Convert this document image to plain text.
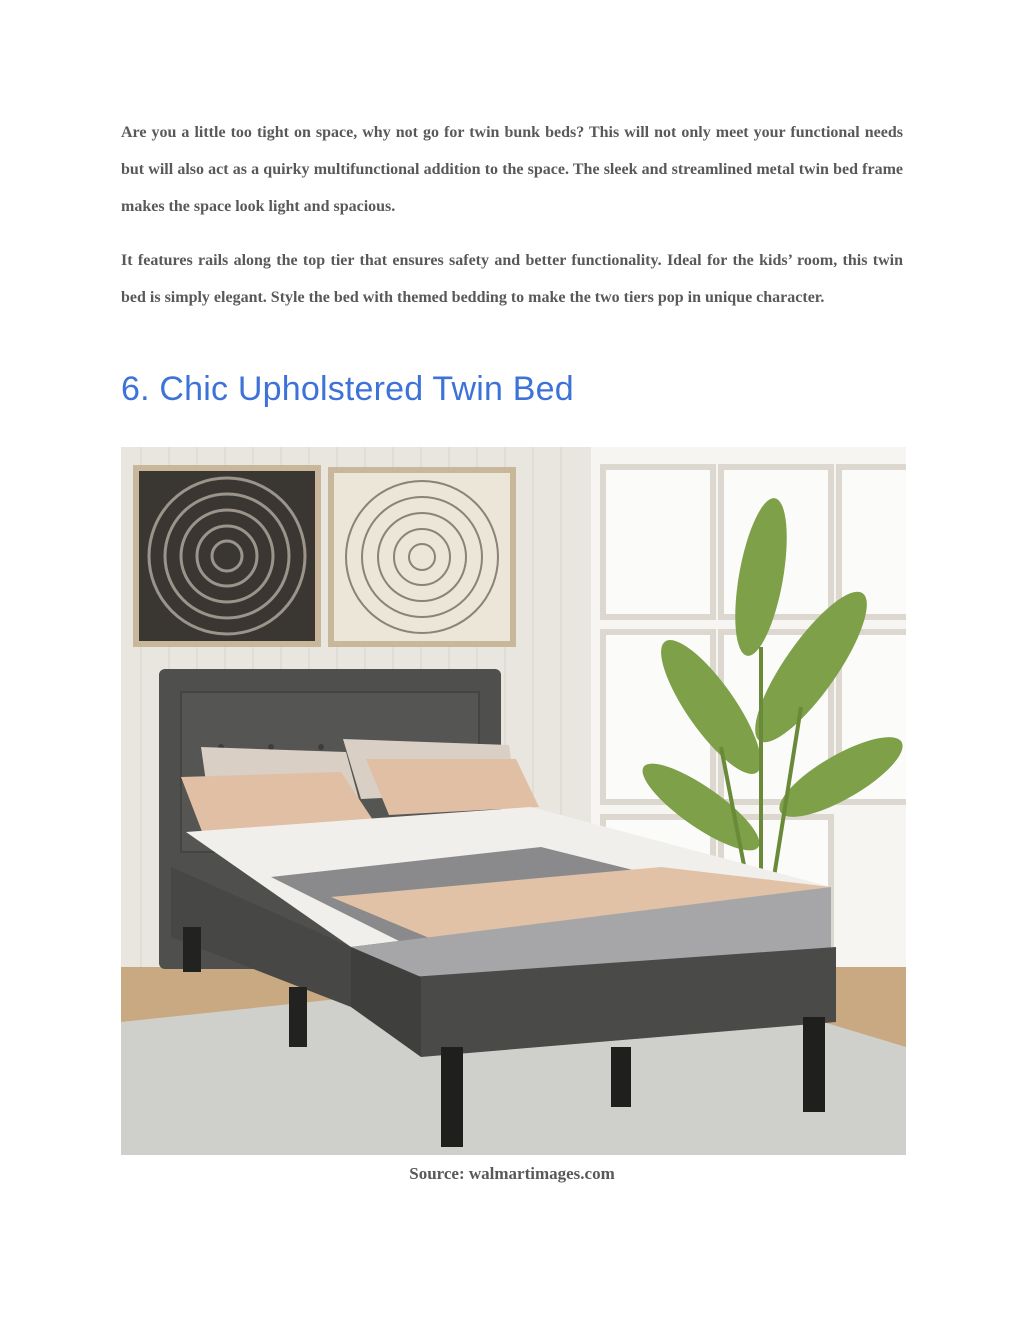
Are you a little too tight on space, why not go for twin bunk beds? This will not only meet your functional needs but will also act as a quirky multifunctional addition to the space. The sleek and streamlined metal twin bed frame makes the space look light and spacious.

It features rails along the top tier that ensures safety and better functionality. Ideal for the kids’ room, this twin bed is simply elegant. Style the bed with themed bedding to make the two tiers pop in unique character.

6. Chic Upholstered Twin Bed

Source: walmartimages.com
